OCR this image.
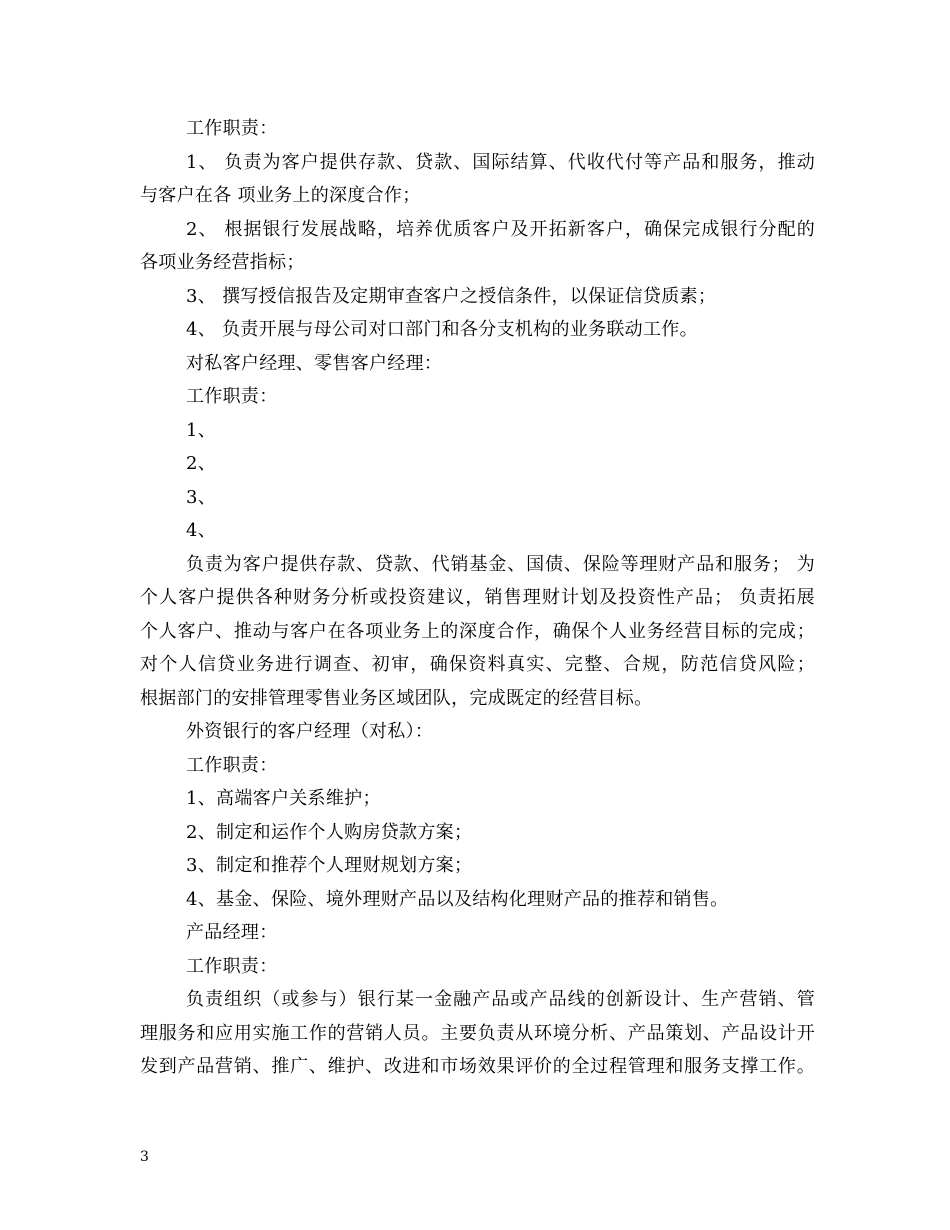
工作职责：
1、 负责为客户提供存款、贷款、国际结算、代收代付等产品和服务，推动
与客户在各 项业务上的深度合作；
2、 根据银行发展战略，培养优质客户及开拓新客户，确保完成银行分配的
各项业务经营指标；
3、 撰写授信报告及定期审查客户之授信条件，以保证信贷质素；
4、 负责开展与母公司对口部门和各分支机构的业务联动工作。
对私客户经理、零售客户经理：
工作职责：
1、
2、
3、
4、
负责为客户提供存款、贷款、代销基金、国债、保险等理财产品和服务； 为
个人客户提供各种财务分析或投资建议，销售理财计划及投资性产品； 负责拓展
个人客户、推动与客户在各项业务上的深度合作，确保个人业务经营目标的完成；
对个人信贷业务进行调查、初审，确保资料真实、完整、合规，防范信贷风险；
根据部门的安排管理零售业务区域团队，完成既定的经营目标。
外资银行的客户经理（对私）：
工作职责：
1、高端客户关系维护；
2、制定和运作个人购房贷款方案；
3、制定和推荐个人理财规划方案；
4、基金、保险、境外理财产品以及结构化理财产品的推荐和销售。
产品经理：
工作职责：
负责组织（或参与）银行某一金融产品或产品线的创新设计、生产营销、管
理服务和应用实施工作的营销人员。主要负责从环境分析、产品策划、产品设计开
发到产品营销、推广、维护、改进和市场效果评价的全过程管理和服务支撑工作。
3
